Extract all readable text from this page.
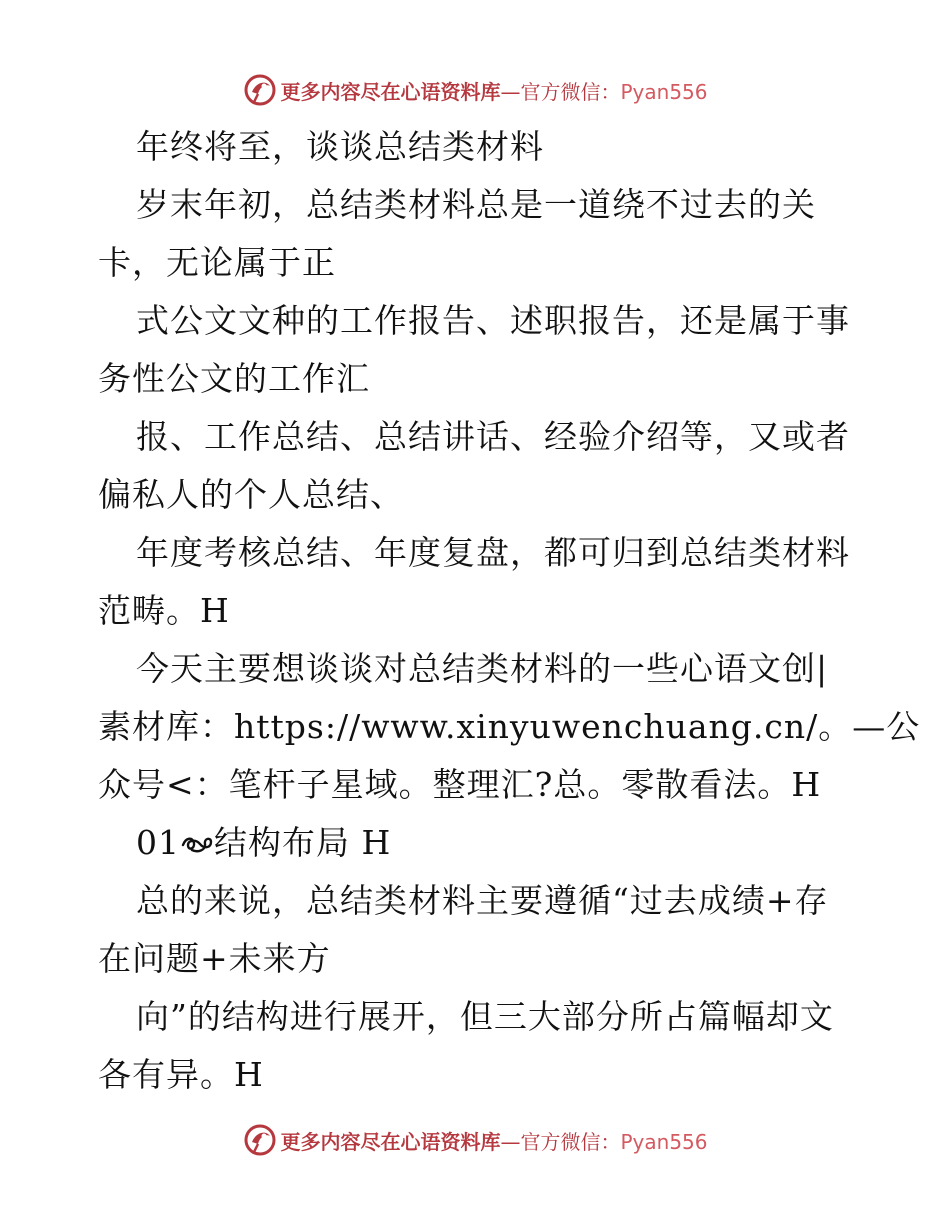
更多内容尽在心语资料库—官方微信：Pyan556
年终将至，谈谈总结类材料
岁末年初，总结类材料总是一道绕不过去的关
卡，无论属于正
式公文文种的工作报告、述职报告，还是属于事
务性公文的工作汇
报、工作总结、总结讲话、经验介绍等，又或者
偏私人的个人总结、
年度考核总结、年度复盘，都可归到总结类材料
范畴。H
今天主要想谈谈对总结类材料的一些心语文创|
素材库：https://www.xinyuwenchuang.cn/。—公
众号<：笔杆子星域。整理汇?总。零散看法。H
01 结构布局 H
总的来说，总结类材料主要遵循“过去成绩+存
在问题+未来方
向”的结构进行展开，但三大部分所占篇幅却文
各有异。H
更多内容尽在心语资料库—官方微信：Pyan556
